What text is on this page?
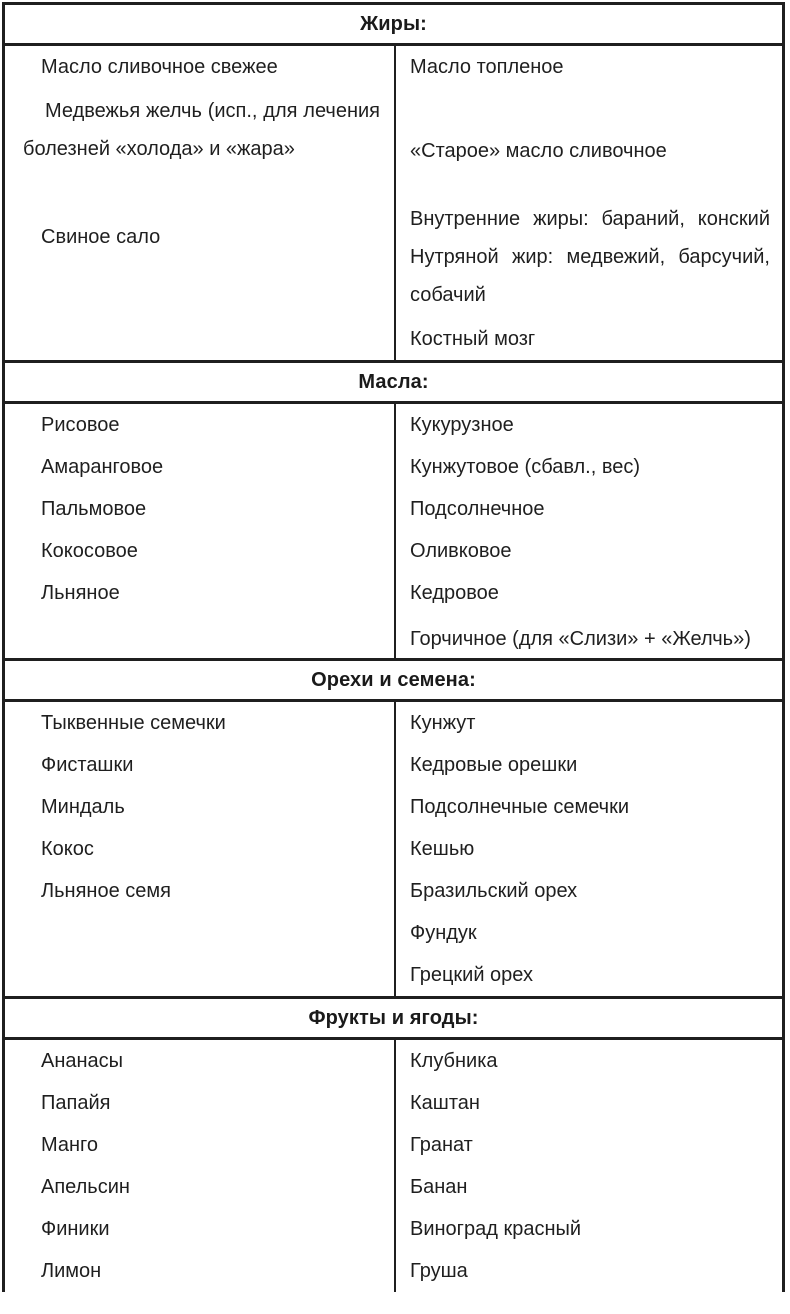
Жиры:
Масло сливочное свежее
Медвежья желчь (исп., для лечения болезней «холода» и «жара»
Свиное сало
Масло топленое
«Старое» масло сливочное
Внутренние жиры: бараний, конский Нутряной жир: медвежий, барсучий, собачий
Костный мозг
Масла:
Рисовое
Амаранговое
Пальмовое
Кокосовое
Льняное
Кукурузное
Кунжутовое (сбавл., вес)
Подсолнечное
Оливковое
Кедровое
Горчичное (для «Слизи» + «Желчь»)
Орехи и семена:
Тыквенные семечки
Фисташки
Миндаль
Кокос
Льняное семя
Кунжут
Кедровые орешки
Подсолнечные семечки
Кешью
Бразильский орех
Фундук
Грецкий орех
Фрукты и ягоды:
Ананасы
Папайя
Манго
Апельсин
Финики
Лимон
Клубника
Каштан
Гранат
Банан
Виноград красный
Груша
